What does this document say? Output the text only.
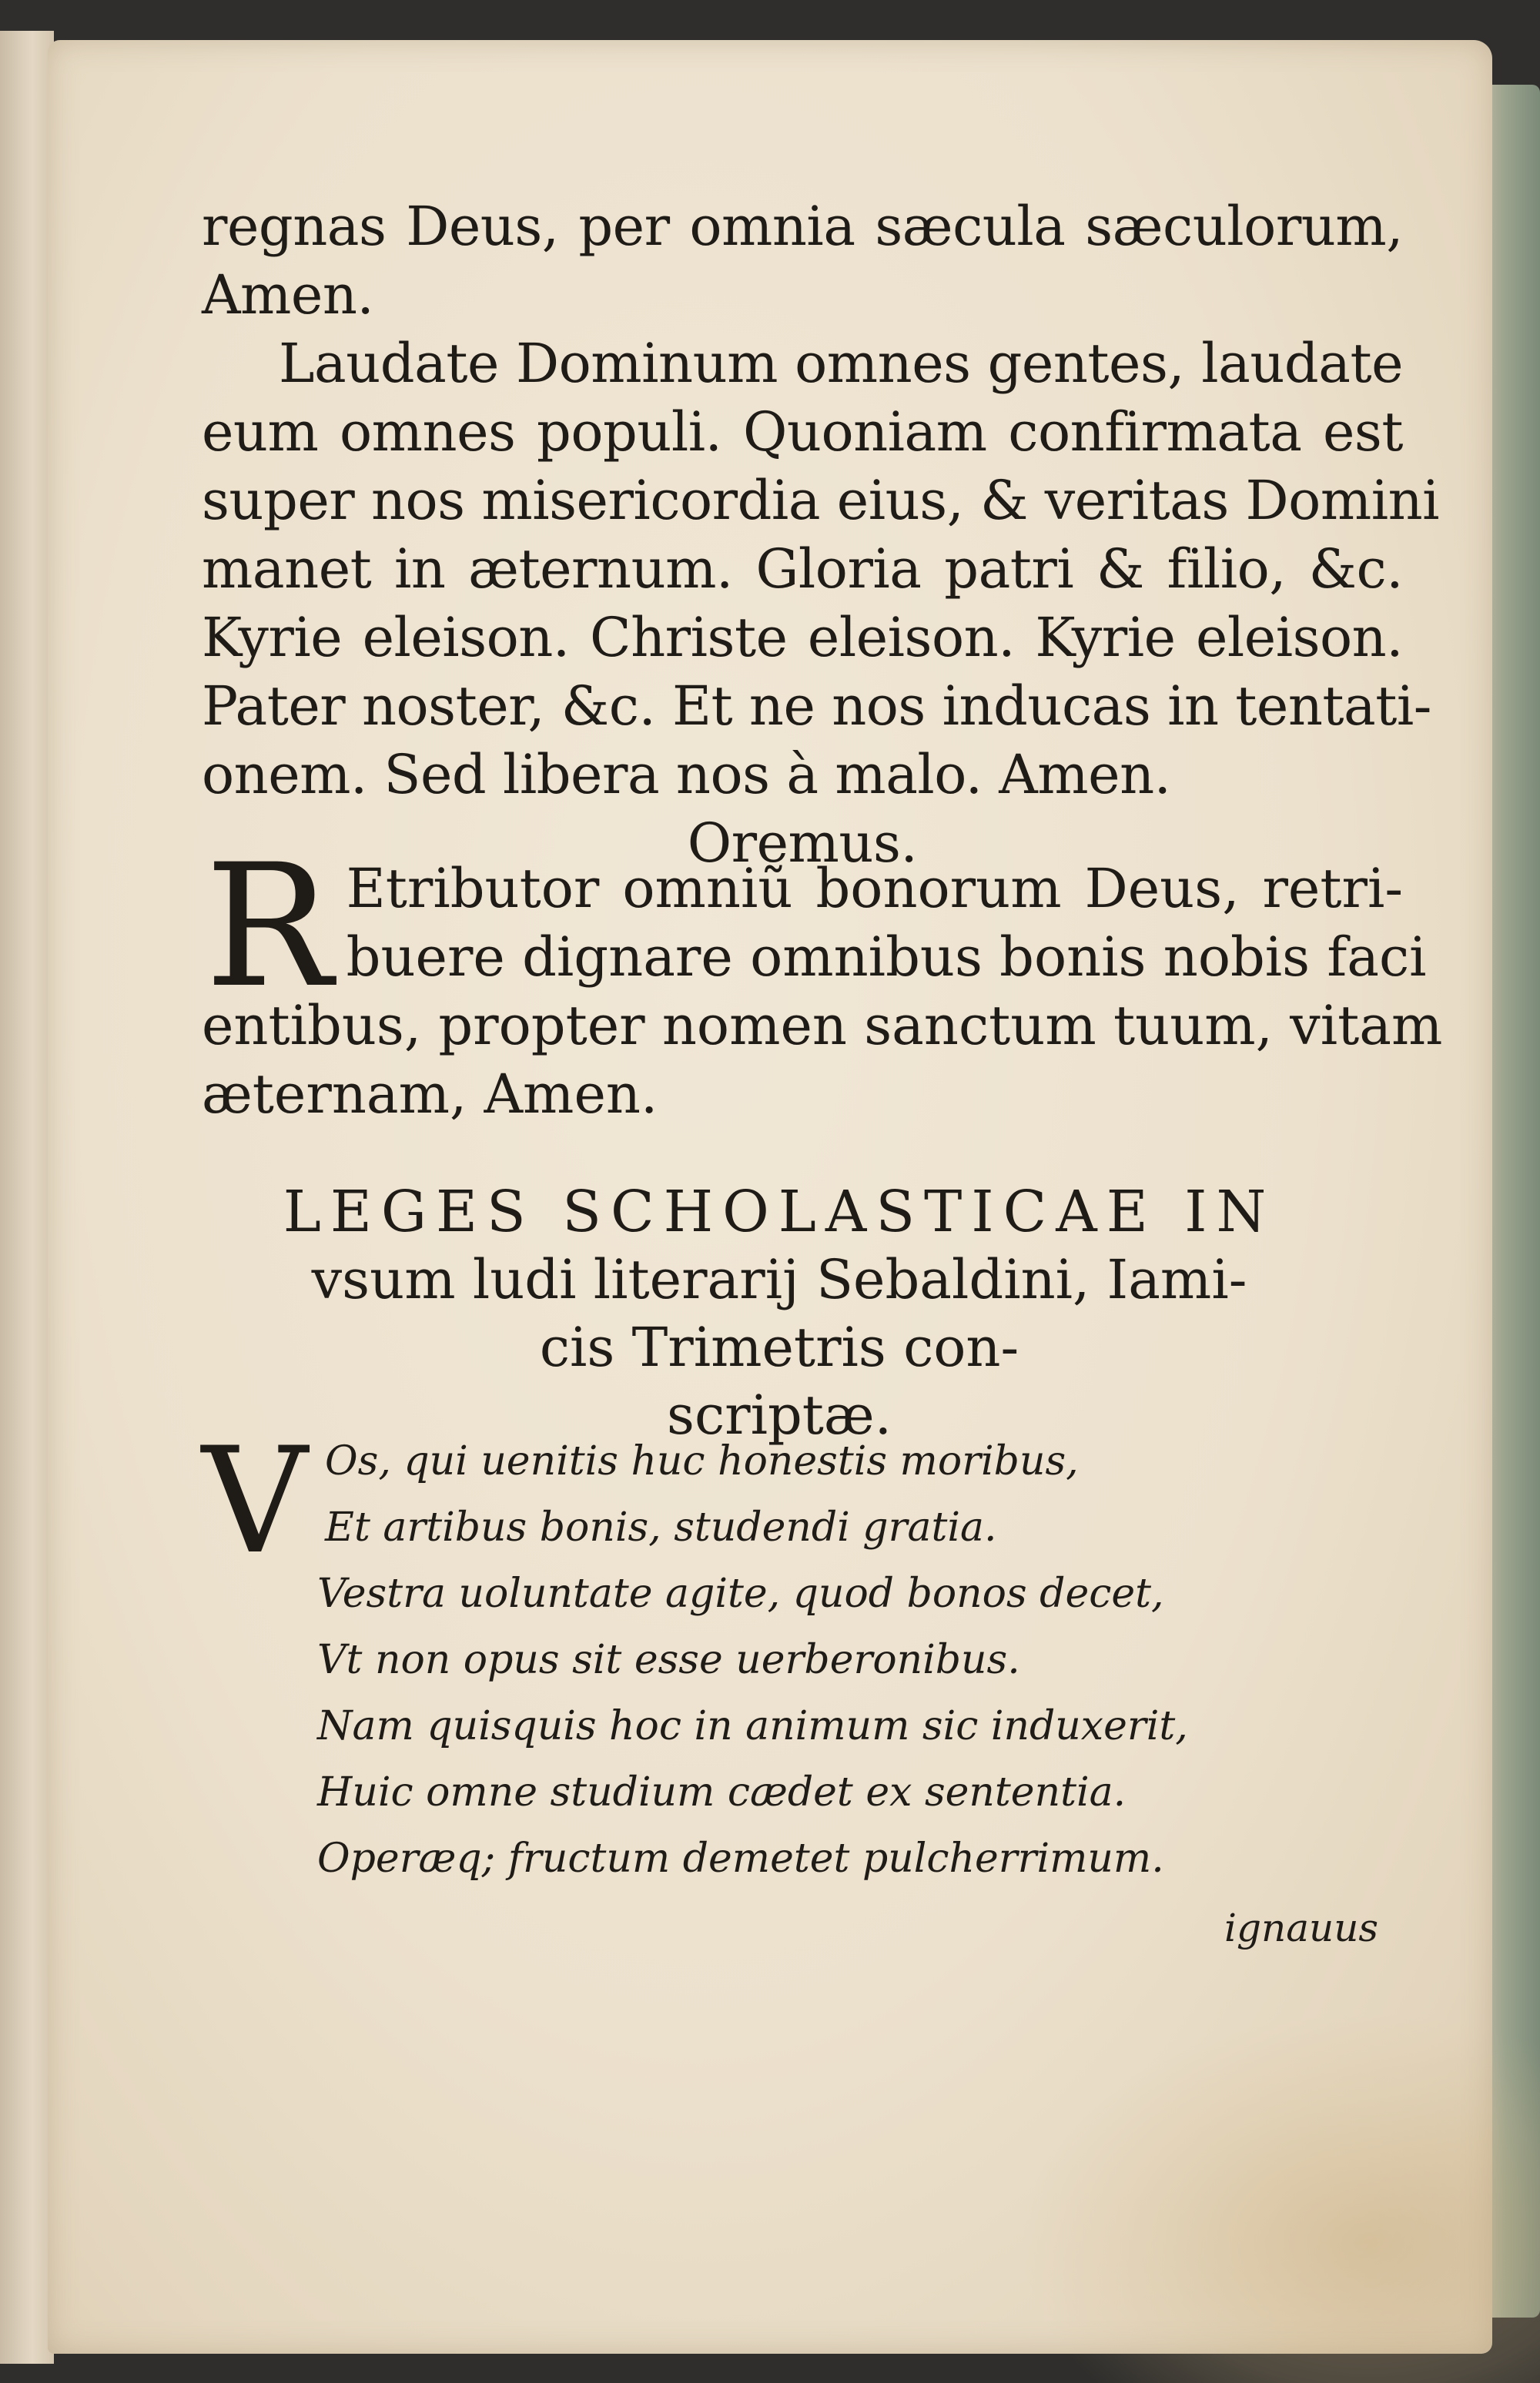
regnas Deus, per omnia sæcula sæculorum,
Amen.
Laudate Dominum omnes gentes, laudate
eum omnes populi. Quoniam confirmata est
super nos misericordia eius, & veritas Domini
manet in æternum. Gloria patri & filio, &c.
Kyrie eleison. Christe eleison. Kyrie eleison.
Pater noster, &c. Et ne nos inducas in tentati-
onem. Sed libera nos à malo. Amen.
Oremus.
R Etributor omniũ bonorum Deus, retri-
buere dignare omnibus bonis nobis faci
entibus, propter nomen sanctum tuum, vitam
æternam, Amen.
LEGES SCHOLASTICAE IN
vsum ludi literarij Sebaldini, Iami-
cis Trimetris con-
scriptæ.
V Os, qui uenitis huc honestis moribus,
Et artibus bonis, studendi gratia.
Vestra uoluntate agite, quod bonos decet,
Vt non opus sit esse uerberonibus.
Nam quisquis hoc in animum sic induxerit,
Huic omne studium cædet ex sententia.
Operæq; fructum demetet pulcherrimum.
ignauus
